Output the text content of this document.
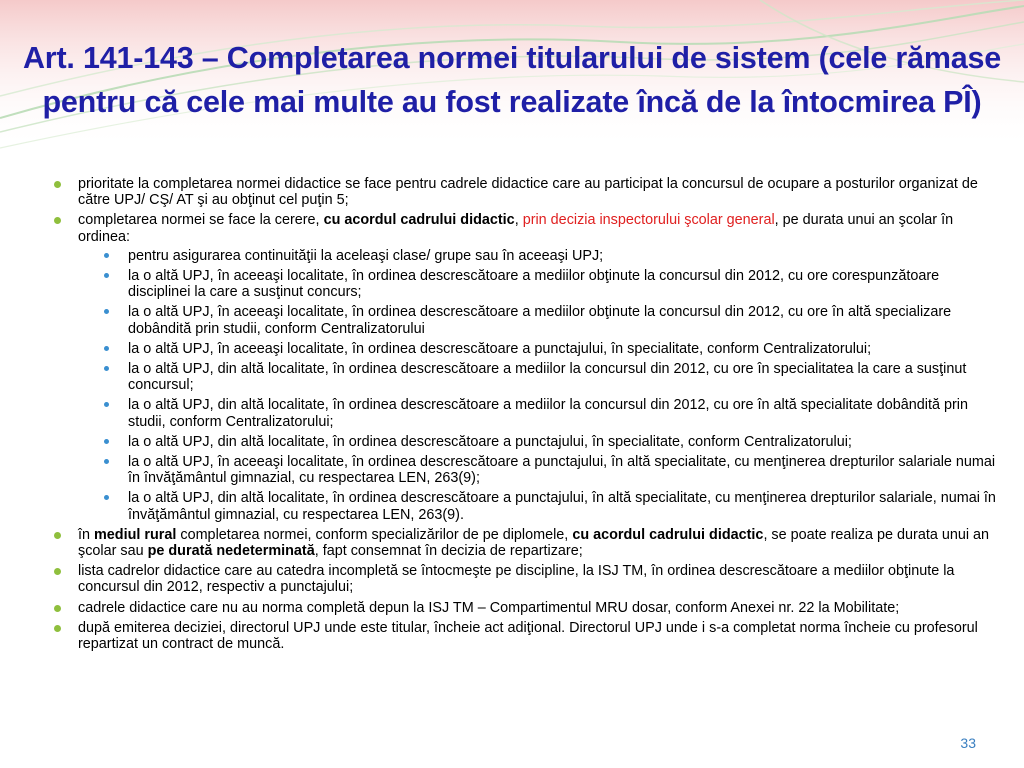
Art. 141-143 – Completarea normei titularului de sistem (cele rămase pentru că cele mai multe au fost realizate încă de la întocmirea PÎ)
prioritate la completarea normei didactice se face pentru cadrele didactice care au participat la concursul de ocupare a posturilor organizat de către UPJ/ CŞ/ AT şi au obţinut cel puţin 5;
completarea normei se face la cerere, cu acordul cadrului didactic, prin decizia inspectorului şcolar general, pe durata unui an şcolar în ordinea:
pentru asigurarea continuităţii la aceleaşi clase/ grupe sau în aceeaşi UPJ;
la o altă UPJ, în aceeaşi localitate, în ordinea descrescătoare a mediilor obţinute la concursul din 2012, cu ore corespunzătoare disciplinei la care a susţinut concurs;
la o altă UPJ, în aceeaşi localitate, în ordinea descrescătoare a mediilor obţinute la concursul din 2012, cu ore în altă specializare dobândită prin studii, conform Centralizatorului
la o altă UPJ, în aceeaşi localitate, în ordinea descrescătoare a punctajului, în specialitate, conform Centralizatorului;
la o altă UPJ, din altă localitate, în ordinea descrescătoare a mediilor la concursul din 2012, cu ore în specialitatea la care a susţinut concursul;
la o altă UPJ, din altă localitate, în ordinea descrescătoare a mediilor la concursul din 2012, cu ore în altă specialitate dobândită prin studii, conform Centralizatorului;
la o altă UPJ, din altă localitate, în ordinea descrescătoare a punctajului, în specialitate, conform Centralizatorului;
la o altă UPJ, în aceeaşi localitate, în ordinea descrescătoare a punctajului, în altă specialitate, cu menţinerea drepturilor salariale numai în învăţământul gimnazial, cu respectarea LEN, 263(9);
la o altă UPJ, din altă localitate, în ordinea descrescătoare a punctajului, în altă specialitate, cu menţinerea drepturilor salariale, numai în învăţământul gimnazial, cu respectarea LEN, 263(9).
în mediul rural completarea normei, conform specializărilor de pe diplomele, cu acordul cadrului didactic, se poate realiza pe durata unui an şcolar sau pe durată nedeterminată, fapt consemnat în decizia de repartizare;
lista cadrelor didactice care au catedra incompletă se întocmeşte pe discipline, la ISJ TM, în ordinea descrescătoare a mediilor obţinute la concursul din 2012, respectiv a punctajului;
cadrele didactice care nu au norma completă depun la ISJ TM – Compartimentul MRU dosar, conform Anexei nr. 22 la Mobilitate;
după emiterea deciziei, directorul UPJ unde este titular, încheie act adiţional. Directorul UPJ unde i s-a completat norma încheie cu profesorul repartizat un contract de muncă.
33
